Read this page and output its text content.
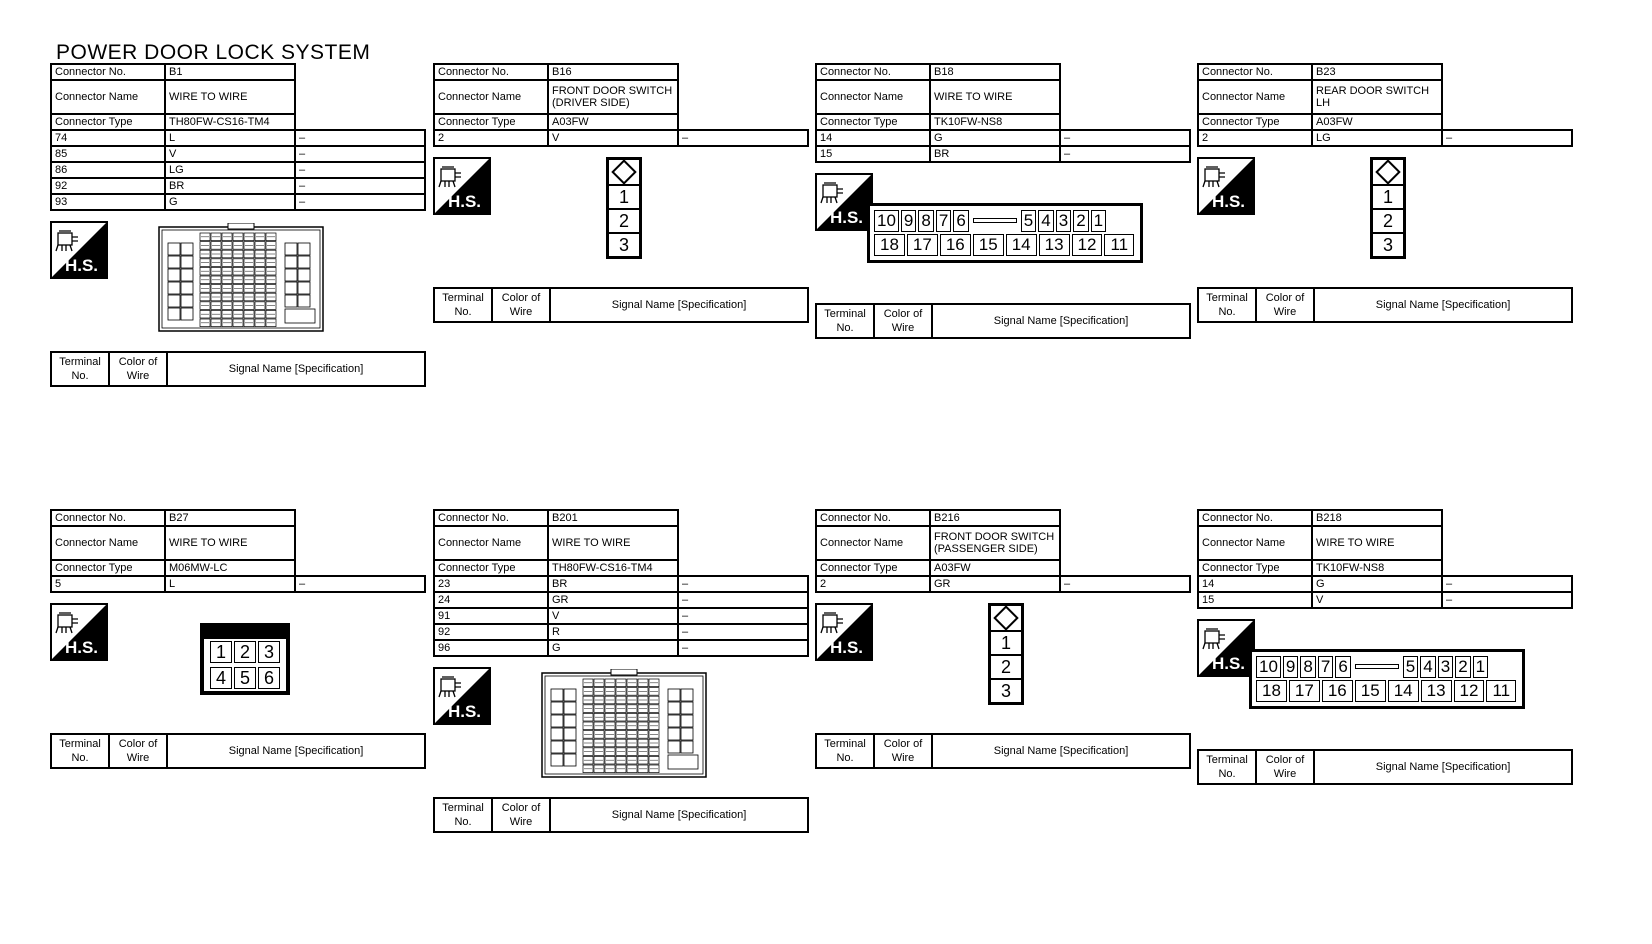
POWER DOOR LOCK SYSTEM
Connector No.	B1	
Connector Name	WIRE TO WIRE	
Connector Type	TH80FW-CS16-TM4	
74	L	–
85	V	–
86	LG	–
92	BR	–
93	G	–
H.S.
Terminal No.	Color of Wire	Signal Name [Specification]
Connector No.	B16	
Connector Name	FRONT DOOR SWITCH (DRIVER SIDE)	
Connector Type	A03FW	
2	V	–
H.S.	1
2
3
Terminal No.	Color of Wire	Signal Name [Specification]
Connector No.	B18	
Connector Name	WIRE TO WIRE	
Connector Type	TK10FW-NS8	
14	G	–
15	BR	–
H.S. 10 9 8 7 6	5 4 3 2 1
18 17 16 15 14 13 12 11
Terminal No.	Color of Wire	Signal Name [Specification]
Connector No.	B23	
Connector Name	REAR DOOR SWITCH LH	
Connector Type	A03FW	
2	LG	–
H.S.	1
2
3
Terminal No.	Color of Wire	Signal Name [Specification]
Connector No.	B27	
Connector Name	WIRE TO WIRE	
Connector Type	M06MW-LC	
5	L	–
H.S.	1 2 3
4 5 6
Terminal No.	Color of Wire	Signal Name [Specification]
Connector No.	B201	
Connector Name	WIRE TO WIRE	
Connector Type	TH80FW-CS16-TM4	
23	BR	–
24	GR	–
91	V	–
92	R	–
96	G	–
H.S.
Terminal No.	Color of Wire	Signal Name [Specification]
Connector No.	B216	
Connector Name	FRONT DOOR SWITCH (PASSENGER SIDE)	
Connector Type	A03FW	
2	GR	–
H.S.	1
2
3
Terminal No.	Color of Wire	Signal Name [Specification]
Connector No.	B218	
Connector Name	WIRE TO WIRE	
Connector Type	TK10FW-NS8	
14	G	–
15	V	–
H.S. 10 9 8 7 6	5 4 3 2 1
18 17 16 15 14 13 12 11
Terminal No.	Color of Wire	Signal Name [Specification]
